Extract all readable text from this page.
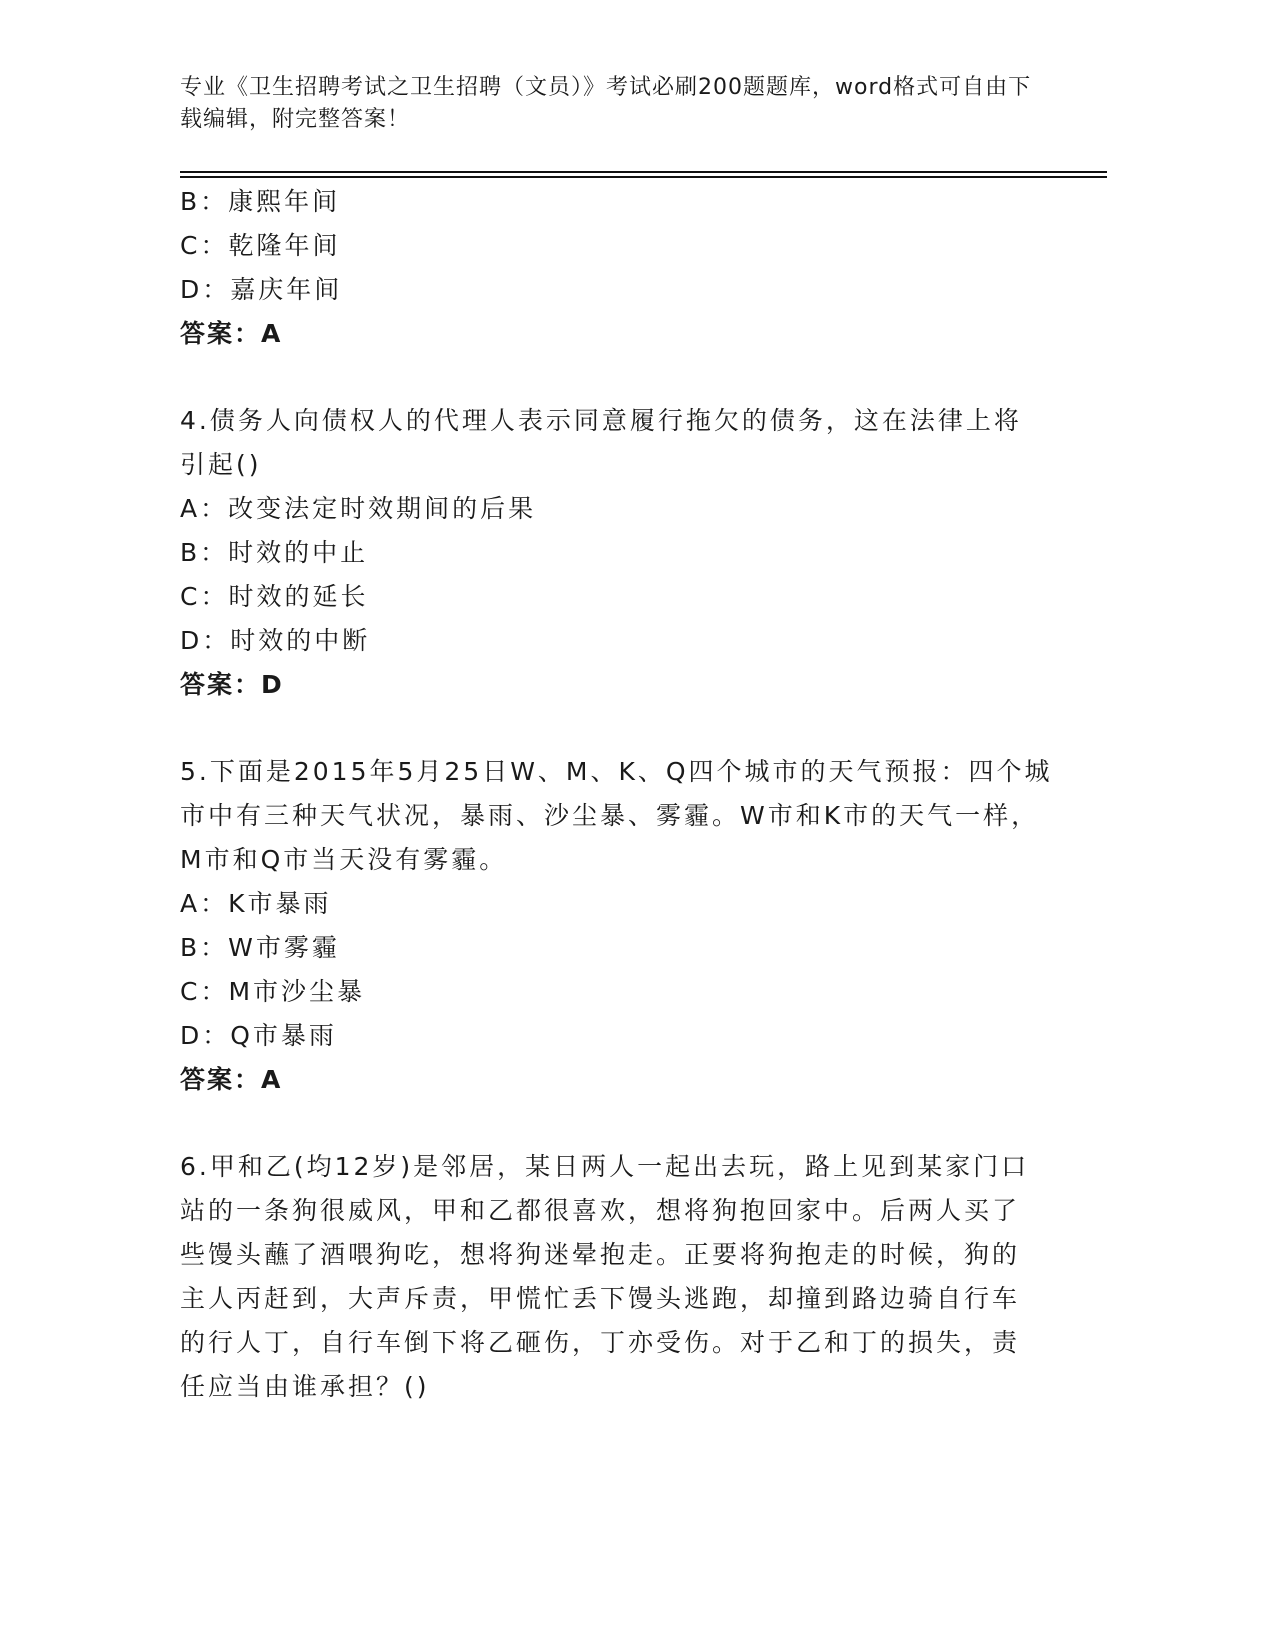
专业《卫生招聘考试之卫生招聘（文员）》考试必刷200题题库，word格式可自由下载编辑，附完整答案！
B：康熙年间
C：乾隆年间
D：嘉庆年间
答案：A
4.债务人向债权人的代理人表示同意履行拖欠的债务，这在法律上将
引起()
A：改变法定时效期间的后果
B：时效的中止
C：时效的延长
D：时效的中断
答案：D
5.下面是2015年5月25日W、M、K、Q四个城市的天气预报：四个城
市中有三种天气状况，暴雨、沙尘暴、雾霾。W市和K市的天气一样，
M市和Q市当天没有雾霾。
A：K市暴雨
B：W市雾霾
C：M市沙尘暴
D：Q市暴雨
答案：A
6.甲和乙(均12岁)是邻居，某日两人一起出去玩，路上见到某家门口
站的一条狗很威风，甲和乙都很喜欢，想将狗抱回家中。后两人买了
些馒头蘸了酒喂狗吃，想将狗迷晕抱走。正要将狗抱走的时候，狗的
主人丙赶到，大声斥责，甲慌忙丢下馒头逃跑，却撞到路边骑自行车
的行人丁，自行车倒下将乙砸伤，丁亦受伤。对于乙和丁的损失，责
任应当由谁承担？()
